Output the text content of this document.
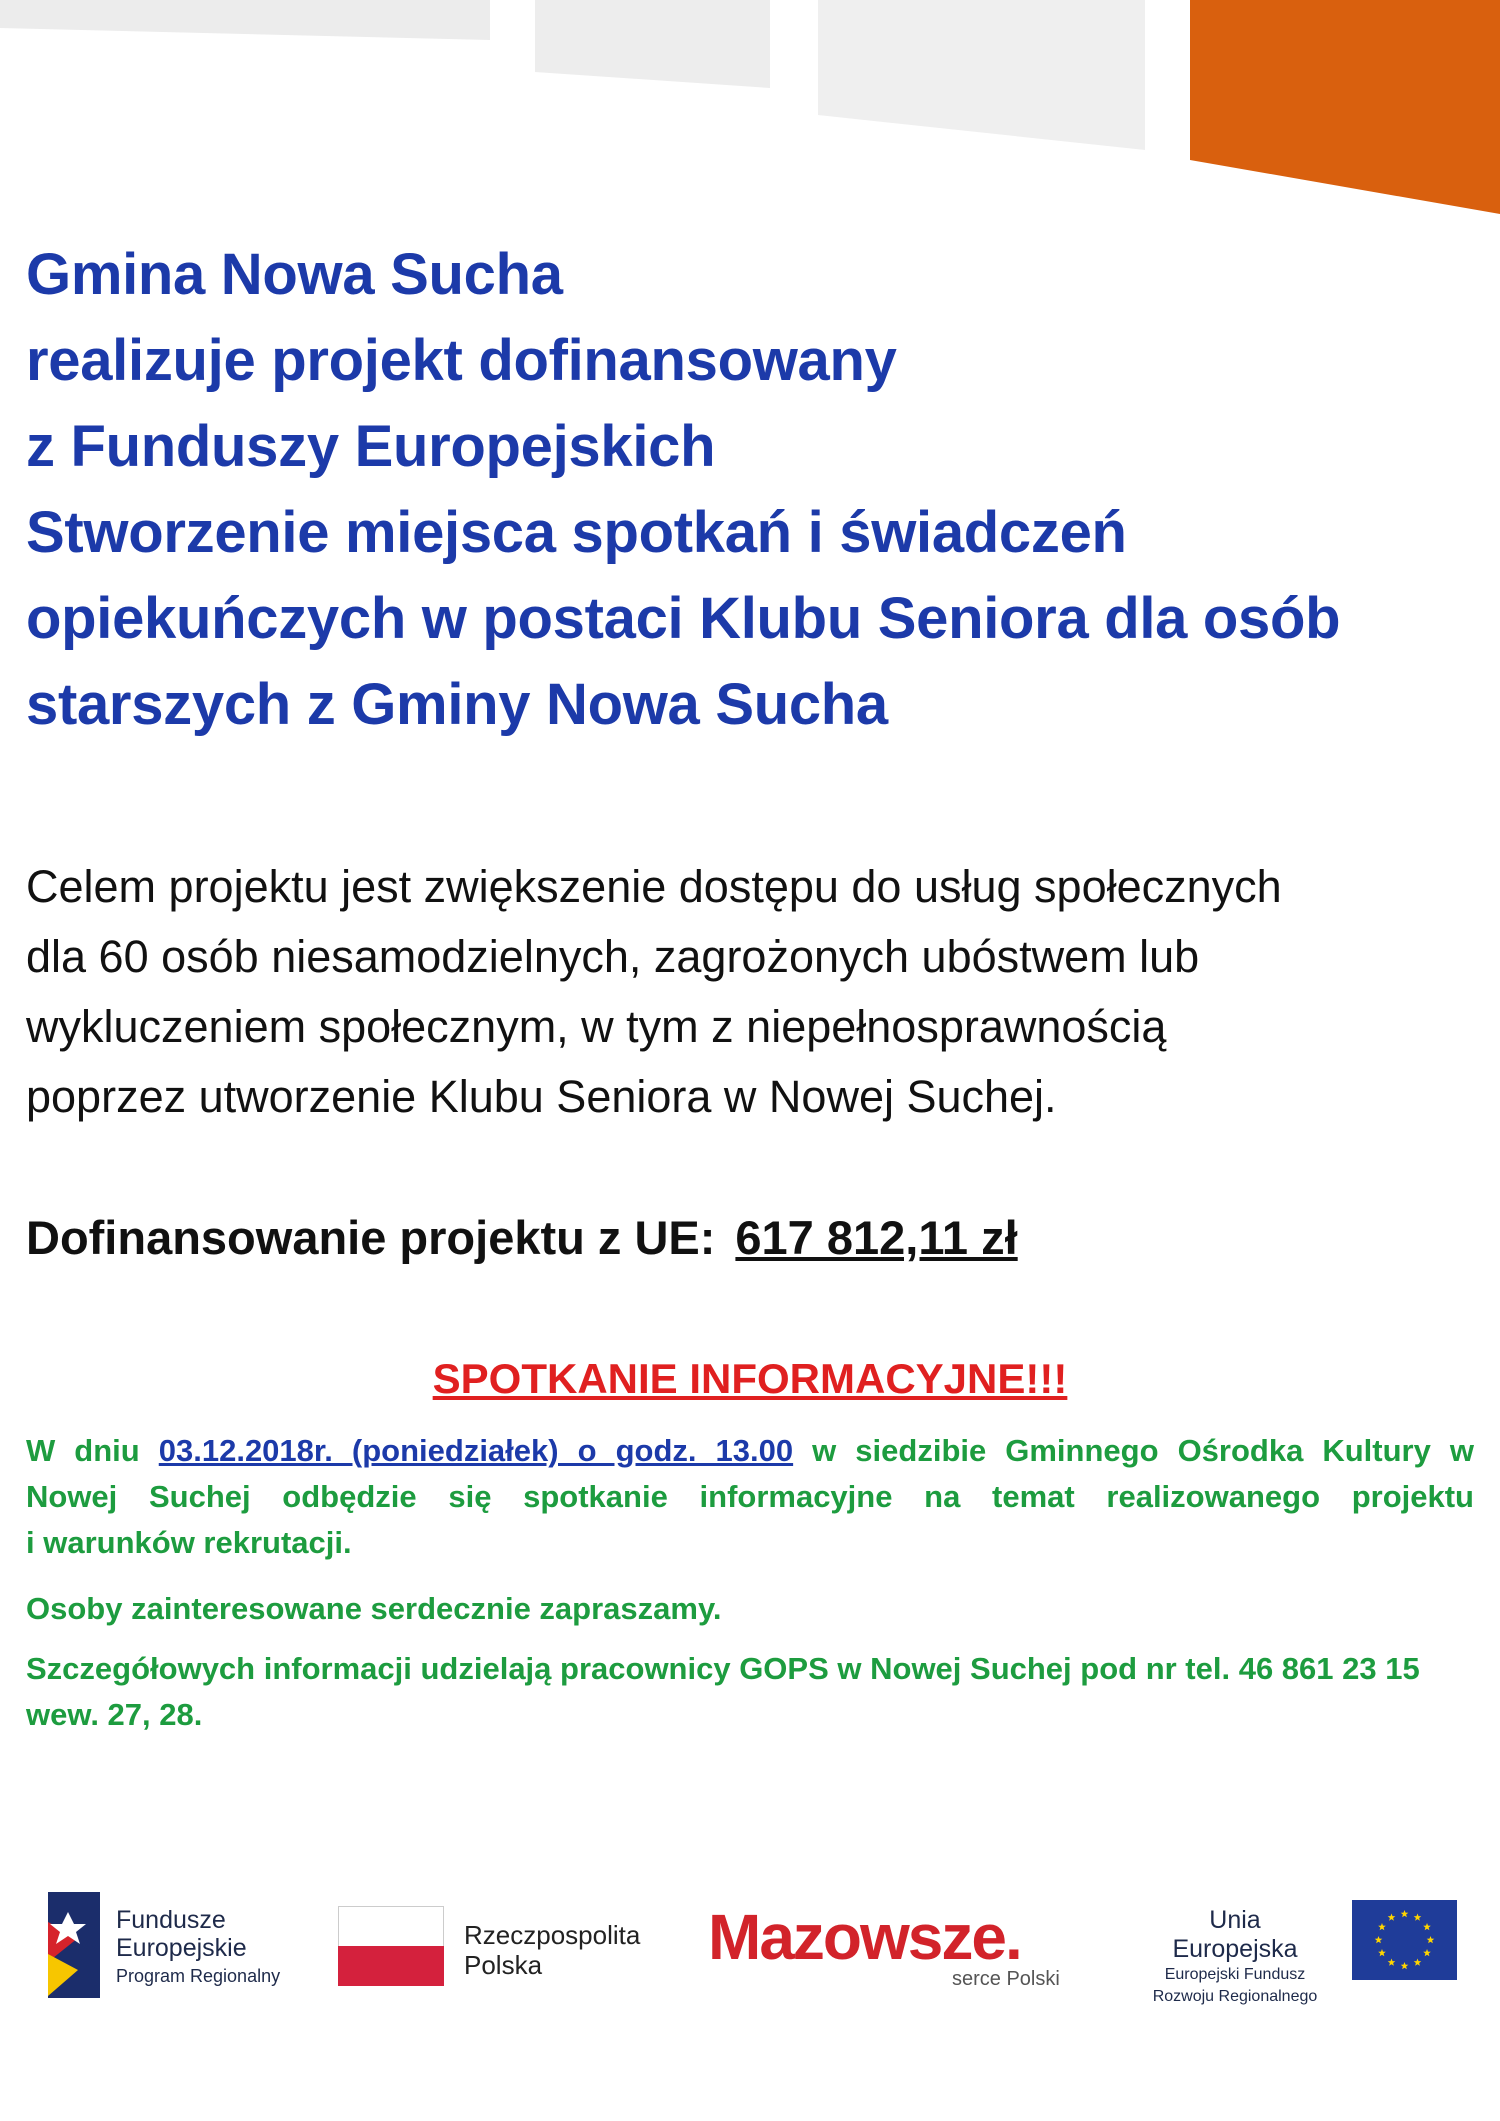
Gmina Nowa Sucha
realizuje projekt dofinansowany
z Funduszy Europejskich
Stworzenie miejsca spotkań i świadczeń
opiekuńczych w postaci Klubu Seniora dla osób
starszych z Gminy Nowa Sucha
Celem projektu jest zwiększenie dostępu do usług społecznych
dla 60 osób niesamodzielnych, zagrożonych ubóstwem lub
wykluczeniem społecznym, w tym z niepełnosprawnością
poprzez utworzenie Klubu Seniora w Nowej Suchej.
Dofinansowanie projektu z UE: 617 812,11 zł
SPOTKANIE INFORMACYJNE!!!
W dniu 03.12.2018r. (poniedziałek) o godz. 13.00 w siedzibie Gminnego Ośrodka Kultury w
Nowej Suchej odbędzie się spotkanie informacyjne na temat realizowanego projektu
i warunków rekrutacji.
Osoby zainteresowane serdecznie zapraszamy.
Szczegółowych informacji udzielają pracownicy GOPS w Nowej Suchej pod nr tel. 46 861 23 15
wew. 27, 28.
Fundusze
Europejskie
Program Regionalny
Rzeczpospolita
Polska	Mazowsze.
serce Polski
Unia Europejska
Europejski Fundusz
Rozwoju Regionalnego
